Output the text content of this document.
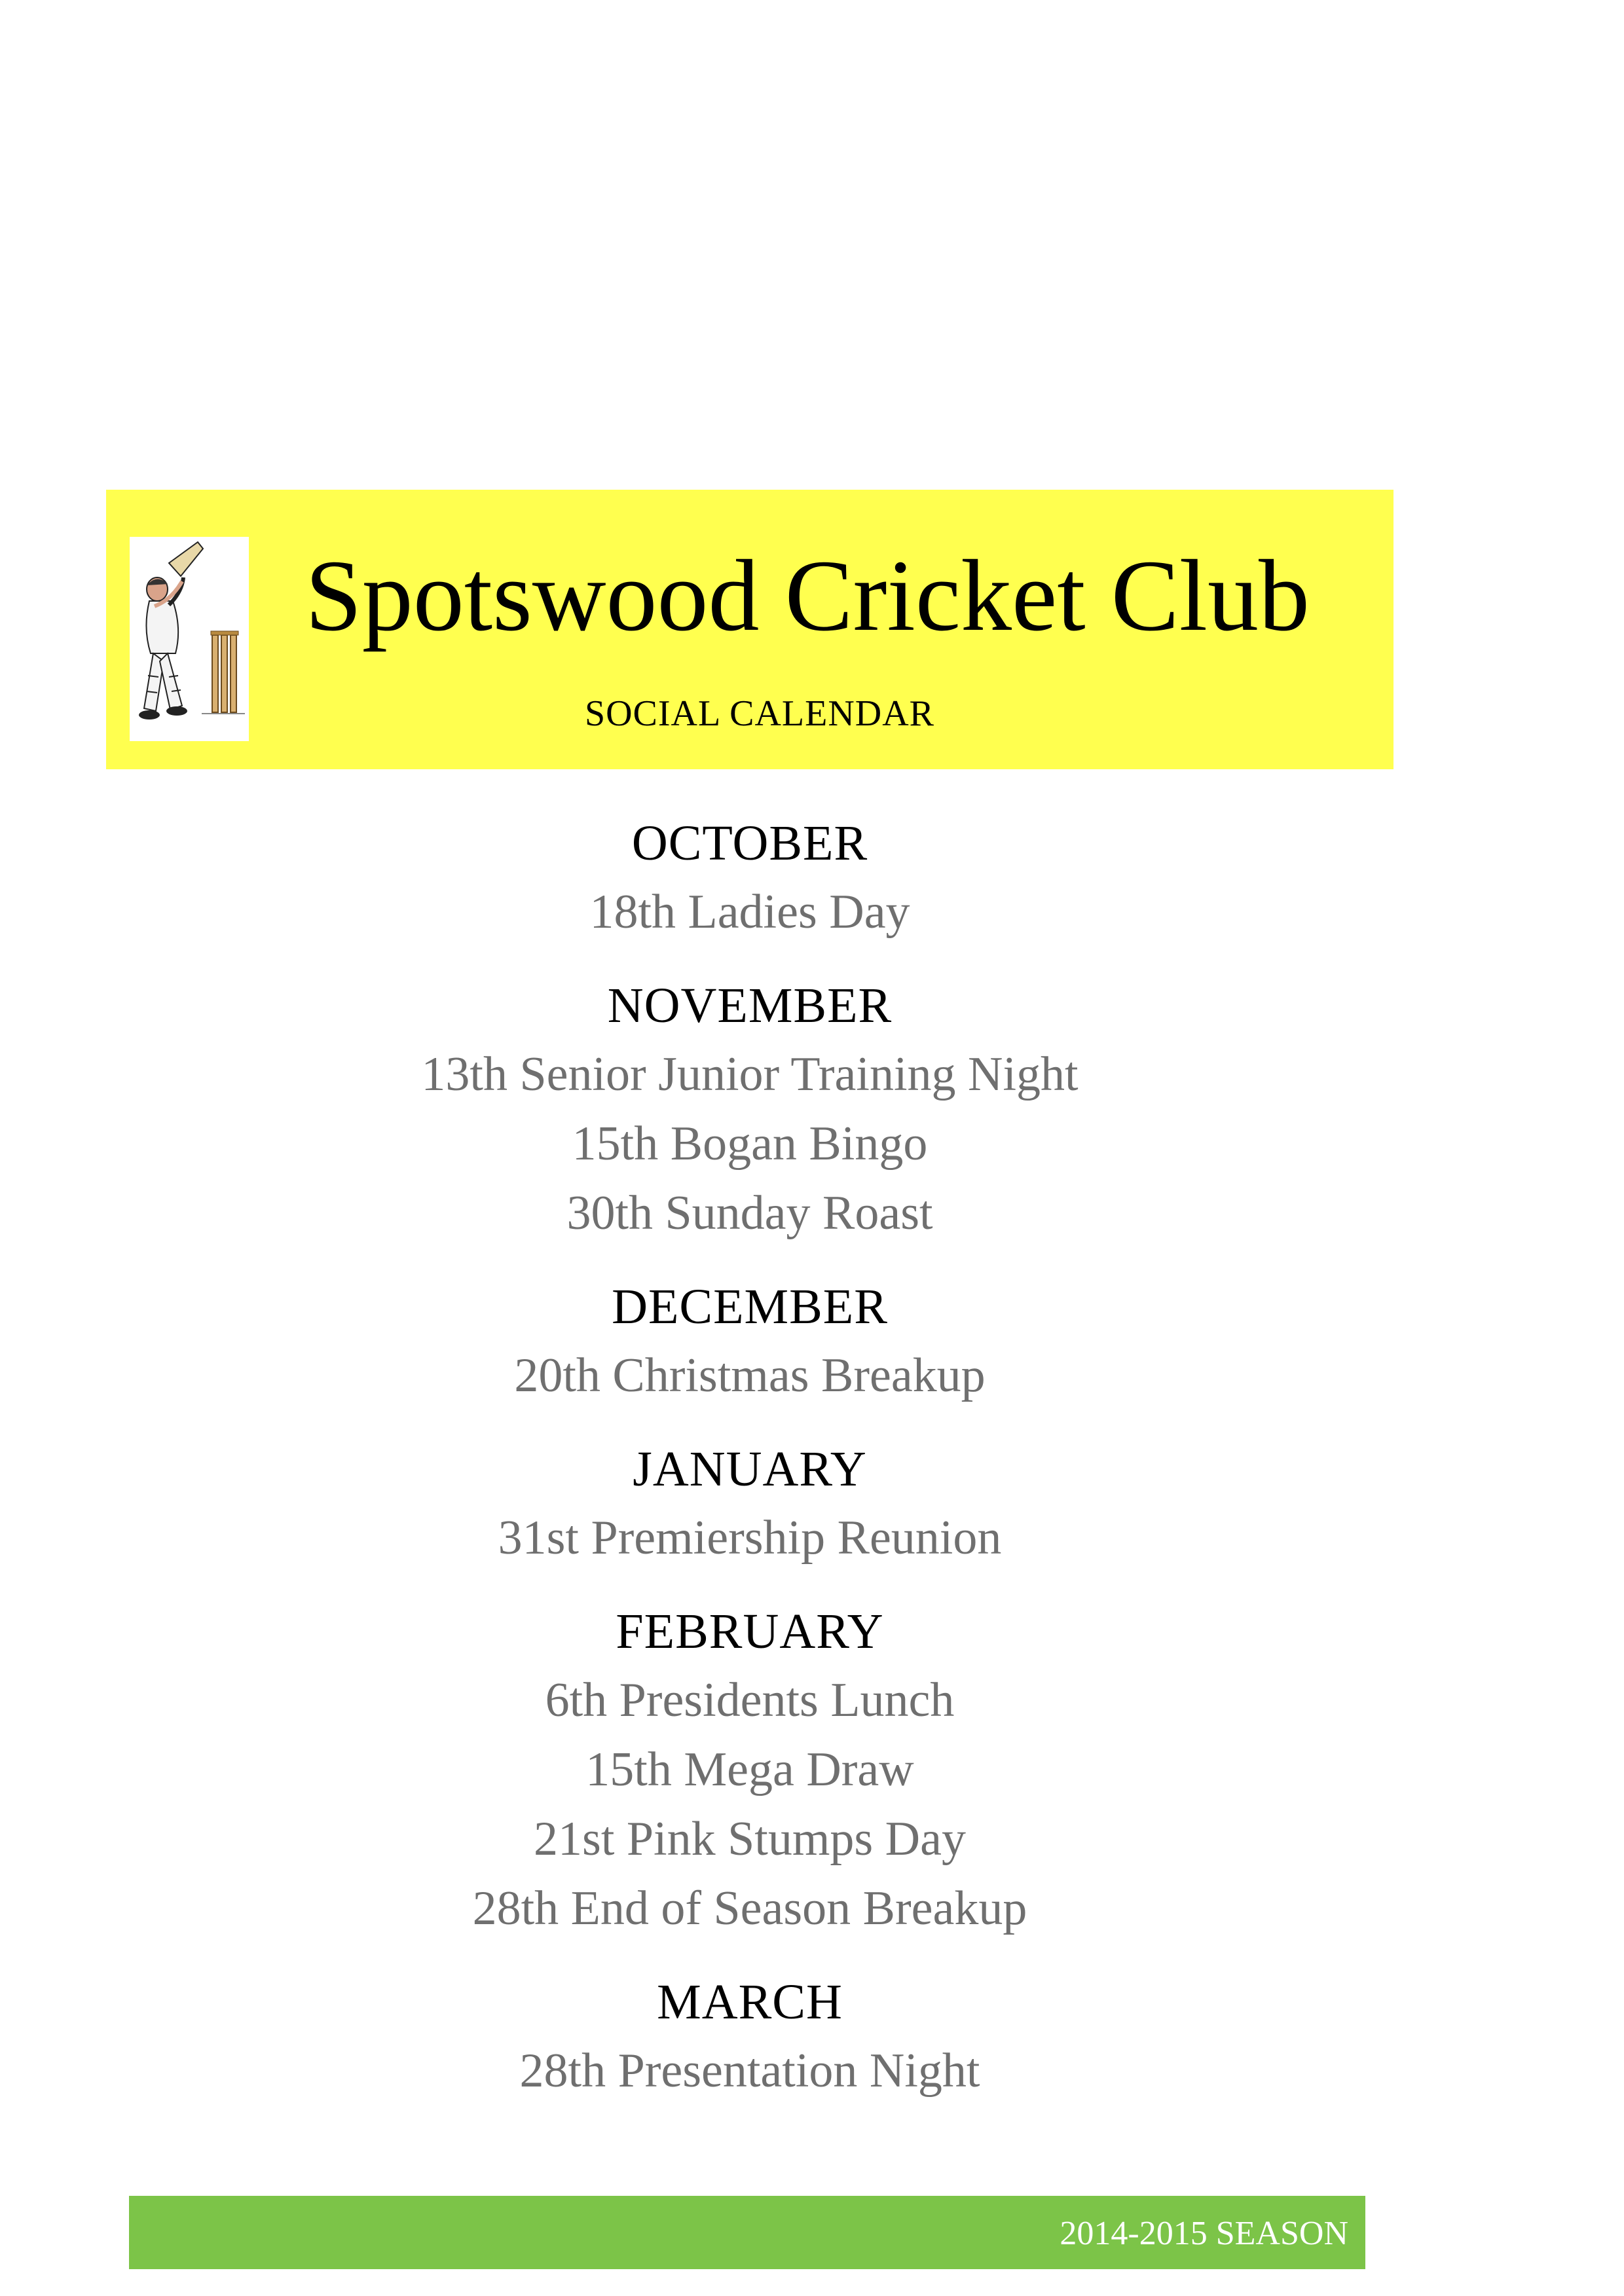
Spotswood Cricket Club
SOCIAL CALENDAR
OCTOBER
18th Ladies Day
NOVEMBER
13th Senior Junior Training Night
15th Bogan Bingo
30th Sunday Roast
DECEMBER
20th Christmas Breakup
JANUARY
31st Premiership Reunion
FEBRUARY
6th Presidents Lunch
15th Mega Draw
21st Pink Stumps Day
28th End of Season Breakup
MARCH
28th Presentation Night
2014-2015 SEASON
